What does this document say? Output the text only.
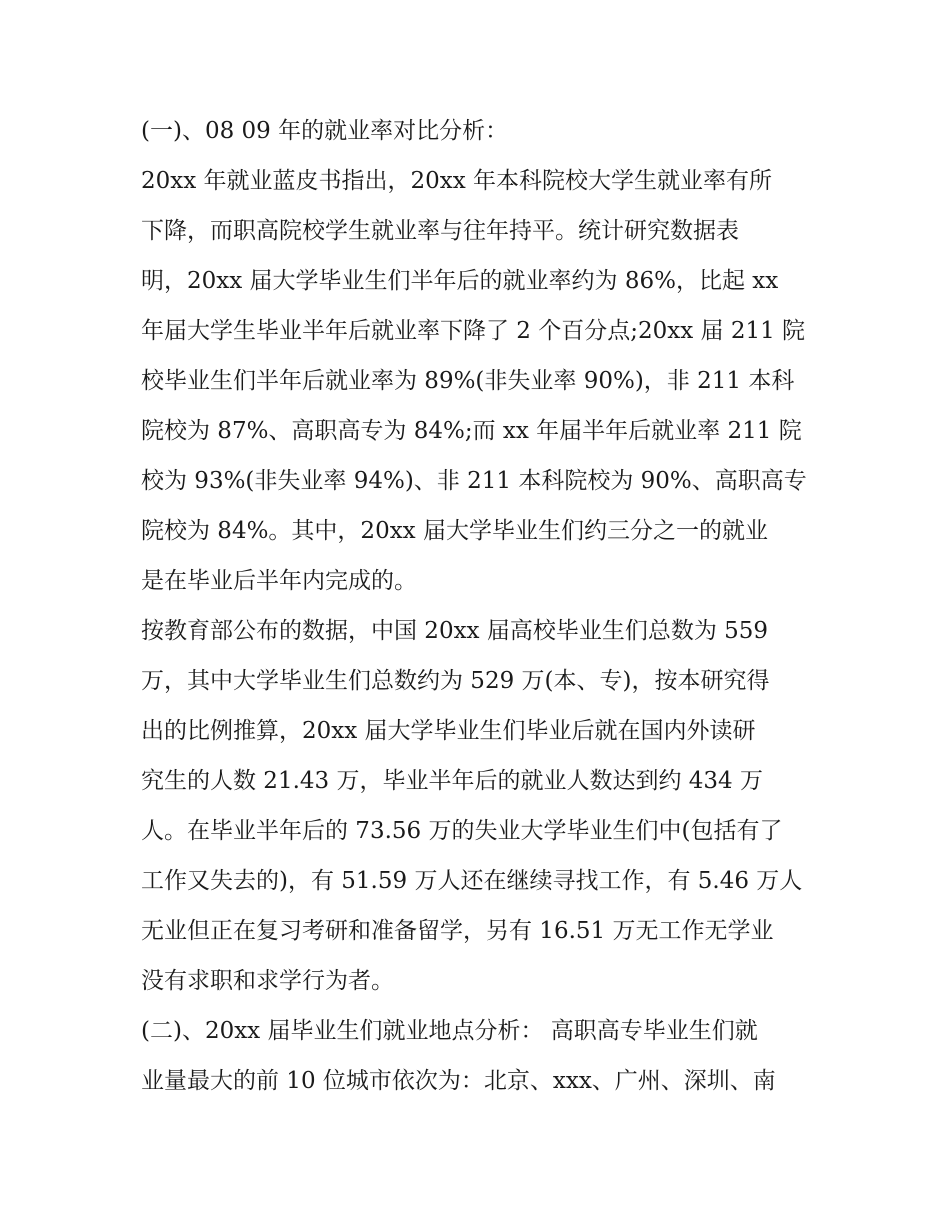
(一)、08 09 年的就业率对比分析：
20xx 年就业蓝皮书指出，20xx 年本科院校大学生就业率有所
下降，而职高院校学生就业率与往年持平。统计研究数据表
明，20xx 届大学毕业生们半年后的就业率约为 86%，比起 xx
年届大学生毕业半年后就业率下降了 2 个百分点;20xx 届 211 院
校毕业生们半年后就业率为 89%(非失业率 90%)，非 211 本科
院校为 87%、高职高专为 84%;而 xx 年届半年后就业率 211 院
校为 93%(非失业率 94%)、非 211 本科院校为 90%、高职高专
院校为 84%。其中，20xx 届大学毕业生们约三分之一的就业
是在毕业后半年内完成的。
按教育部公布的数据，中国 20xx 届高校毕业生们总数为 559
万，其中大学毕业生们总数约为 529 万(本、专)，按本研究得
出的比例推算，20xx 届大学毕业生们毕业后就在国内外读研
究生的人数 21.43 万，毕业半年后的就业人数达到约 434 万
人。在毕业半年后的 73.56 万的失业大学毕业生们中(包括有了
工作又失去的)，有 51.59 万人还在继续寻找工作，有 5.46 万人
无业但正在复习考研和准备留学，另有 16.51 万无工作无学业
没有求职和求学行为者。
(二)、20xx 届毕业生们就业地点分析： 高职高专毕业生们就
业量最大的前 10 位城市依次为：北京、xxx、广州、深圳、南
